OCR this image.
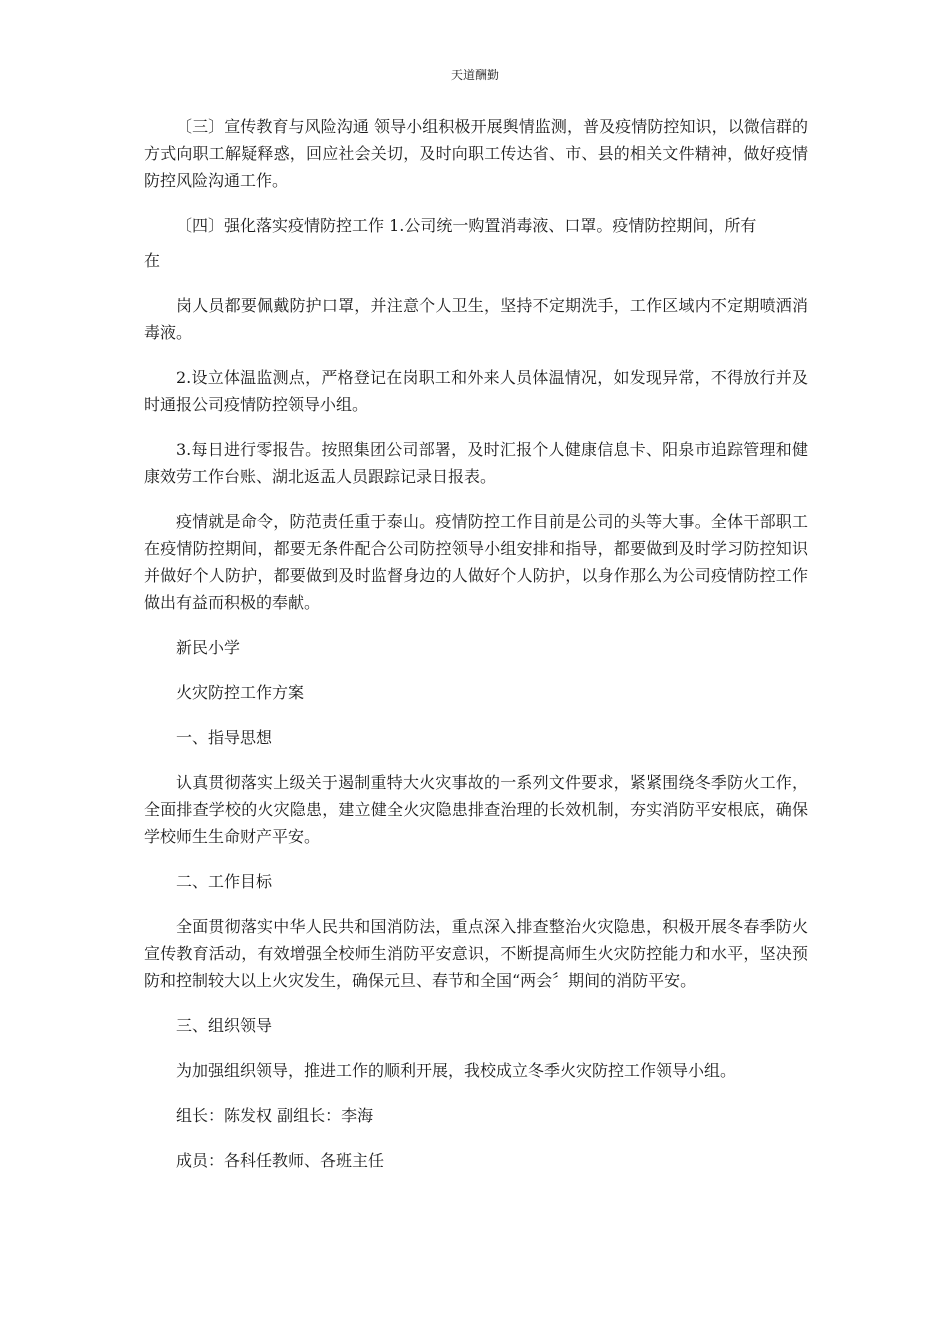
天道酬勤

〔三〕宣传教育与风险沟通 领导小组积极开展舆情监测，普及疫情防控知识，以微信群的方式向职工解疑释惑，回应社会关切，及时向职工传达省、市、县的相关文件精神，做好疫情防控风险沟通工作。

〔四〕强化落实疫情防控工作 1.公司统一购置消毒液、口罩。疫情防控期间，所有

在

岗人员都要佩戴防护口罩，并注意个人卫生，坚持不定期洗手，工作区域内不定期喷洒消毒液。

2.设立体温监测点，严格登记在岗职工和外来人员体温情况，如发现异常，不得放行并及时通报公司疫情防控领导小组。

3.每日进行零报告。按照集团公司部署，及时汇报个人健康信息卡、阳泉市追踪管理和健康效劳工作台账、湖北返盂人员跟踪记录日报表。

疫情就是命令，防范责任重于泰山。疫情防控工作目前是公司的头等大事。全体干部职工在疫情防控期间，都要无条件配合公司防控领导小组安排和指导，都要做到及时学习防控知识并做好个人防护，都要做到及时监督身边的人做好个人防护，以身作那么为公司疫情防控工作做出有益而积极的奉献。

新民小学

火灾防控工作方案

一、指导思想

认真贯彻落实上级关于遏制重特大火灾事故的一系列文件要求，紧紧围绕冬季防火工作，全面排查学校的火灾隐患，建立健全火灾隐患排查治理的长效机制，夯实消防平安根底，确保学校师生生命财产平安。

二、工作目标

全面贯彻落实中华人民共和国消防法，重点深入排查整治火灾隐患，积极开展冬春季防火宣传教育活动，有效增强全校师生消防平安意识，不断提高师生火灾防控能力和水平，坚决预防和控制较大以上火灾发生，确保元旦、春节和全国“两会〞期间的消防平安。

三、组织领导

为加强组织领导，推进工作的顺利开展，我校成立冬季火灾防控工作领导小组。

组长：陈发权 副组长：李海

成员：各科任教师、各班主任
